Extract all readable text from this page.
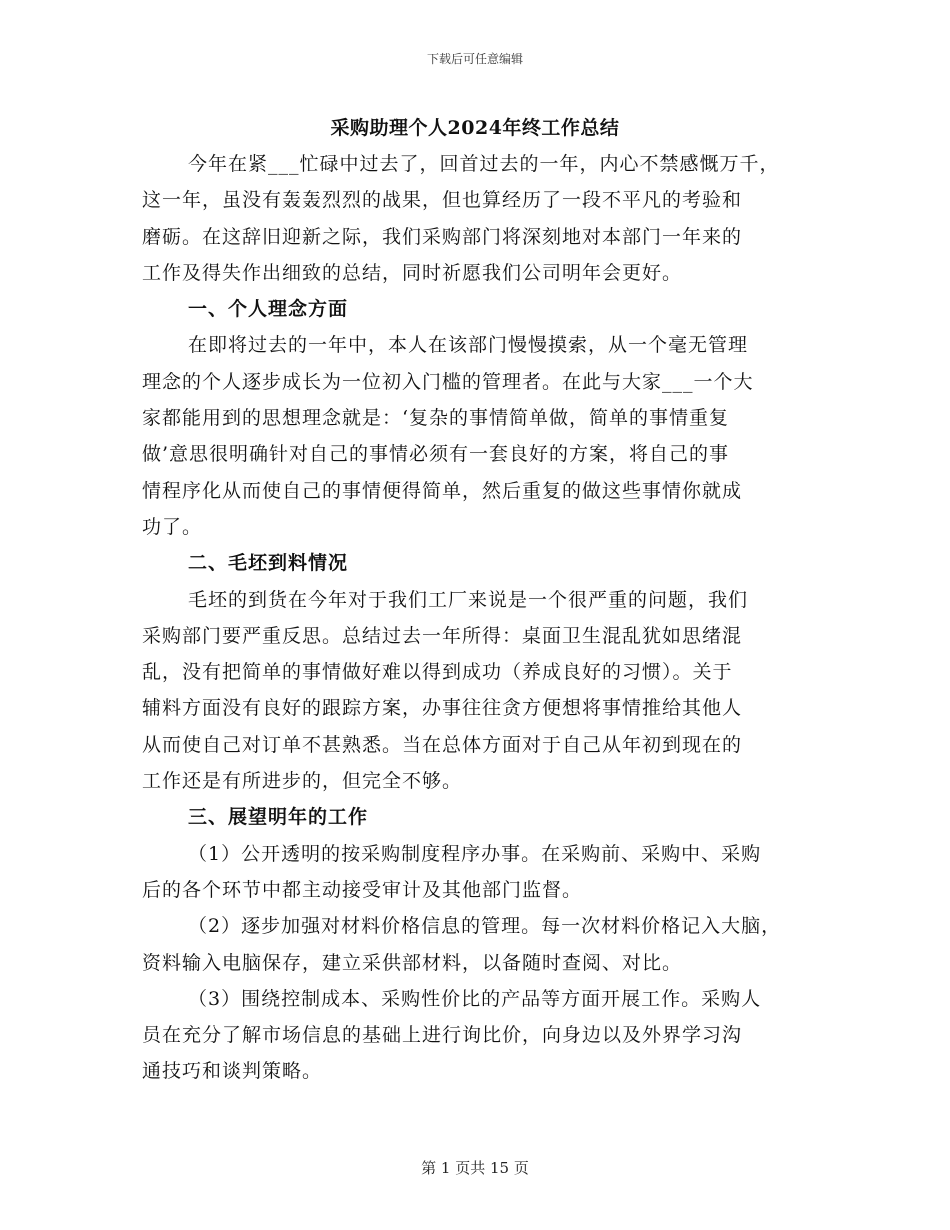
下载后可任意编辑
采购助理个人2024年终工作总结
今年在紧___忙碌中过去了，回首过去的一年，内心不禁感慨万千，
这一年，虽没有轰轰烈烈的战果，但也算经历了一段不平凡的考验和
磨砺。在这辞旧迎新之际，我们采购部门将深刻地对本部门一年来的
工作及得失作出细致的总结，同时祈愿我们公司明年会更好。
一、个人理念方面
在即将过去的一年中，本人在该部门慢慢摸索，从一个毫无管理
理念的个人逐步成长为一位初入门槛的管理者。在此与大家___一个大
家都能用到的思想理念就是：‘复杂的事情简单做，简单的事情重复
做’意思很明确针对自己的事情必须有一套良好的方案，将自己的事
情程序化从而使自己的事情便得简单，然后重复的做这些事情你就成
功了。
二、毛坯到料情况
毛坯的到货在今年对于我们工厂来说是一个很严重的问题，我们
采购部门要严重反思。总结过去一年所得：桌面卫生混乱犹如思绪混
乱，没有把简单的事情做好难以得到成功（养成良好的习惯）。关于
辅料方面没有良好的跟踪方案，办事往往贪方便想将事情推给其他人
从而使自己对订单不甚熟悉。当在总体方面对于自己从年初到现在的
工作还是有所进步的，但完全不够。
三、展望明年的工作
（1）公开透明的按采购制度程序办事。在采购前、采购中、采购
后的各个环节中都主动接受审计及其他部门监督。
（2）逐步加强对材料价格信息的管理。每一次材料价格记入大脑，
资料输入电脑保存，建立采供部材料，以备随时查阅、对比。
（3）围绕控制成本、采购性价比的产品等方面开展工作。采购人
员在充分了解市场信息的基础上进行询比价，向身边以及外界学习沟
通技巧和谈判策略。
第 1 页共 15 页
